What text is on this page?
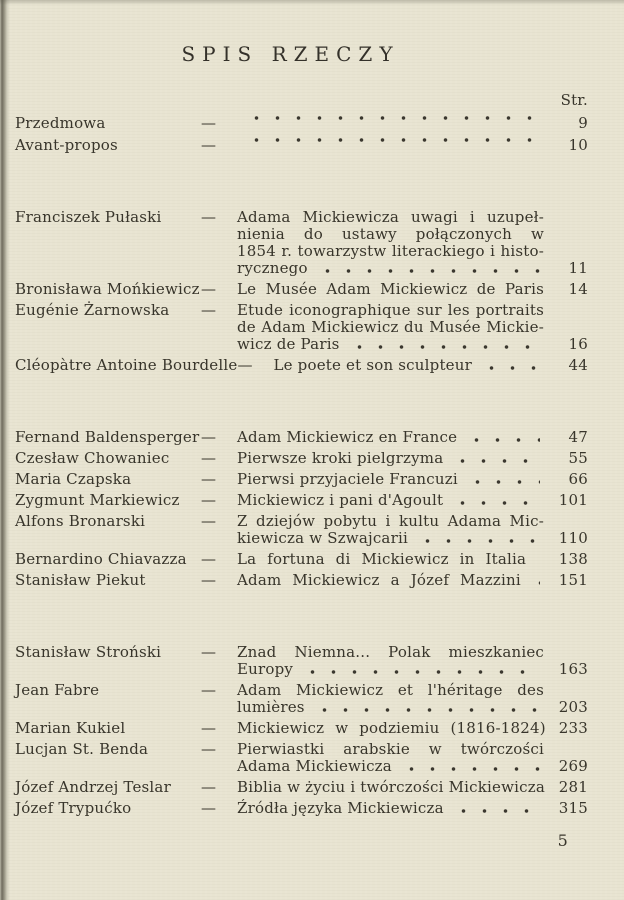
SPIS RZECZY
Str.
Przedmowa	—	9
Avant-propos	—	10
Franciszek Pułaski	—	Adama Mickiewicza uwagi i uzupeł-
nienia do ustawy połączonych w
1854 r. towarzystw literackiego i histo-
rycznego	11
Bronisława Mońkiewicz —	Le Musée Adam Mickiewicz de Paris	14
Eugénie Żarnowska	—	Etude iconographique sur les portraits
de Adam Mickiewicz du Musée Mickie-
wicz de Paris	16
Cléopàtre Antoine Bourdelle —	Le poete et son sculpteur	44
Fernand Baldensperger —	Adam Mickiewicz en France	47
Czesław Chowaniec	—	Pierwsze kroki pielgrzyma	55
Maria Czapska	—	Pierwsi przyjaciele Francuzi	66
Zygmunt Markiewicz	—	Mickiewicz i pani d'Agoult	101
Alfons Bronarski	—	Z dziejów pobytu i kultu Adama Mic-
kiewicza w Szwajcarii	110
Bernardino Chiavazza —	La fortuna di Mickiewicz in Italia	138
Stanisław Piekut	—	Adam Mickiewicz a Józef Mazzini	151
Stanisław Stroński	—	Znad Niemna... Polak mieszkaniec
Europy	163
Jean Fabre	—	Adam Mickiewicz et l'héritage des
lumières	203
Marian Kukiel	—	Mickiewicz w podziemiu (1816-1824) 233
Lucjan St. Benda	—	Pierwiastki arabskie w twórczości
Adama Mickiewicza	269
Józef Andrzej Teslar	—	Biblia w życiu i twórczości Mickiewicza 281
Józef Trypućko	—	Źródła języka Mickiewicza	315
5
